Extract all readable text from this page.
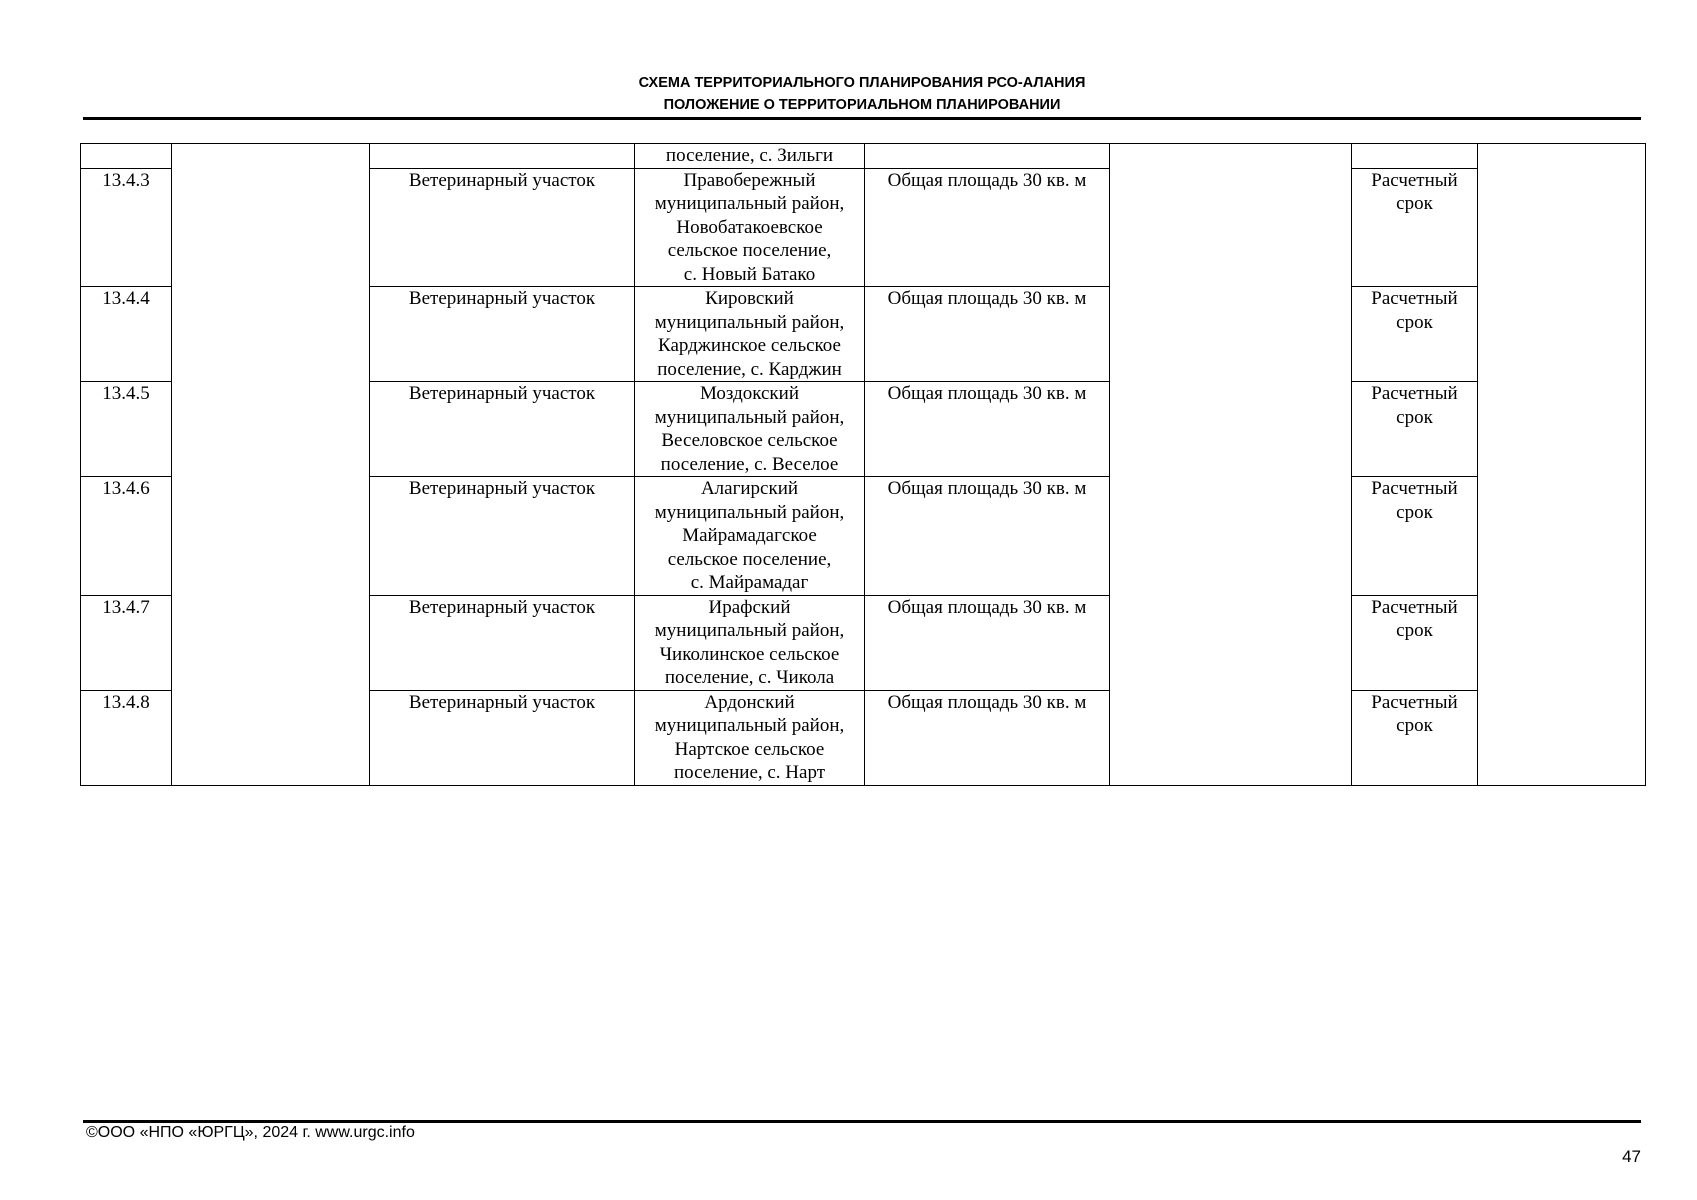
СХЕМА ТЕРРИТОРИАЛЬНОГО ПЛАНИРОВАНИЯ РСО-АЛАНИЯ
ПОЛОЖЕНИЕ О ТЕРРИТОРИАЛЬНОМ ПЛАНИРОВАНИИ
			поселение, с. Зильги				
13.4.3		Ветеринарный участок	Правобережный
муниципальный район,
Новобатакоевское
сельское поселение,
с. Новый Батако	Общая площадь 30 кв. м		Расчетный
срок	
13.4.4		Ветеринарный участок	Кировский
муниципальный район,
Карджинское сельское
поселение, с. Карджин	Общая площадь 30 кв. м		Расчетный
срок	
13.4.5		Ветеринарный участок	Моздокский
муниципальный район,
Веселовское сельское
поселение, с. Веселое	Общая площадь 30 кв. м		Расчетный
срок	
13.4.6		Ветеринарный участок	Алагирский
муниципальный район,
Майрамадагское
сельское поселение,
с. Майрамадаг	Общая площадь 30 кв. м		Расчетный
срок	
13.4.7		Ветеринарный участок	Ирафский
муниципальный район,
Чиколинское сельское
поселение, с. Чикола	Общая площадь 30 кв. м		Расчетный
срок	
13.4.8		Ветеринарный участок	Ардонский
муниципальный район,
Нартское сельское
поселение, с. Нарт	Общая площадь 30 кв. м		Расчетный
срок	
©ООО «НПО «ЮРГЦ», 2024 г. www.urgc.info
47
